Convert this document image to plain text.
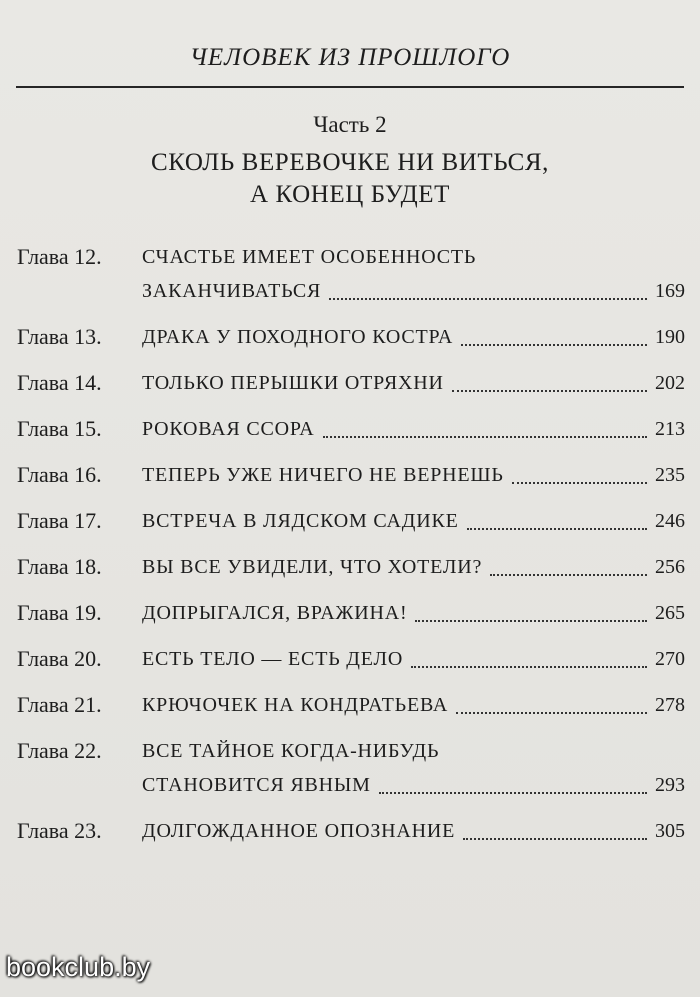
ЧЕЛОВЕК ИЗ ПРОШЛОГО
Часть 2
СКОЛЬ ВЕРЕВОЧКЕ НИ ВИТЬСЯ,
А КОНЕЦ БУДЕТ
Глава 12.	СЧАСТЬЕ ИМЕЕТ ОСОБЕННОСТЬ
ЗАКАНЧИВАТЬСЯ	169
Глава 13.	ДРАКА У ПОХОДНОГО КОСТРА	190
Глава 14.	ТОЛЬКО ПЕРЫШКИ ОТРЯХНИ	202
Глава 15.	РОКОВАЯ ССОРА	213
Глава 16.	ТЕПЕРЬ УЖЕ НИЧЕГО НЕ ВЕРНЕШЬ	235
Глава 17.	ВСТРЕЧА В ЛЯДСКОМ САДИКЕ	246
Глава 18.	ВЫ ВСЕ УВИДЕЛИ, ЧТО ХОТЕЛИ?	256
Глава 19.	ДОПРЫГАЛСЯ, ВРАЖИНА!	265
Глава 20.	ЕСТЬ ТЕЛО — ЕСТЬ ДЕЛО	270
Глава 21.	КРЮЧОЧЕК НА КОНДРАТЬЕВА	278
Глава 22.	ВСЕ ТАЙНОЕ КОГДА-НИБУДЬ
СТАНОВИТСЯ ЯВНЫМ	293
Глава 23.	ДОЛГОЖДАННОЕ ОПОЗНАНИЕ	305
bookclub.by
